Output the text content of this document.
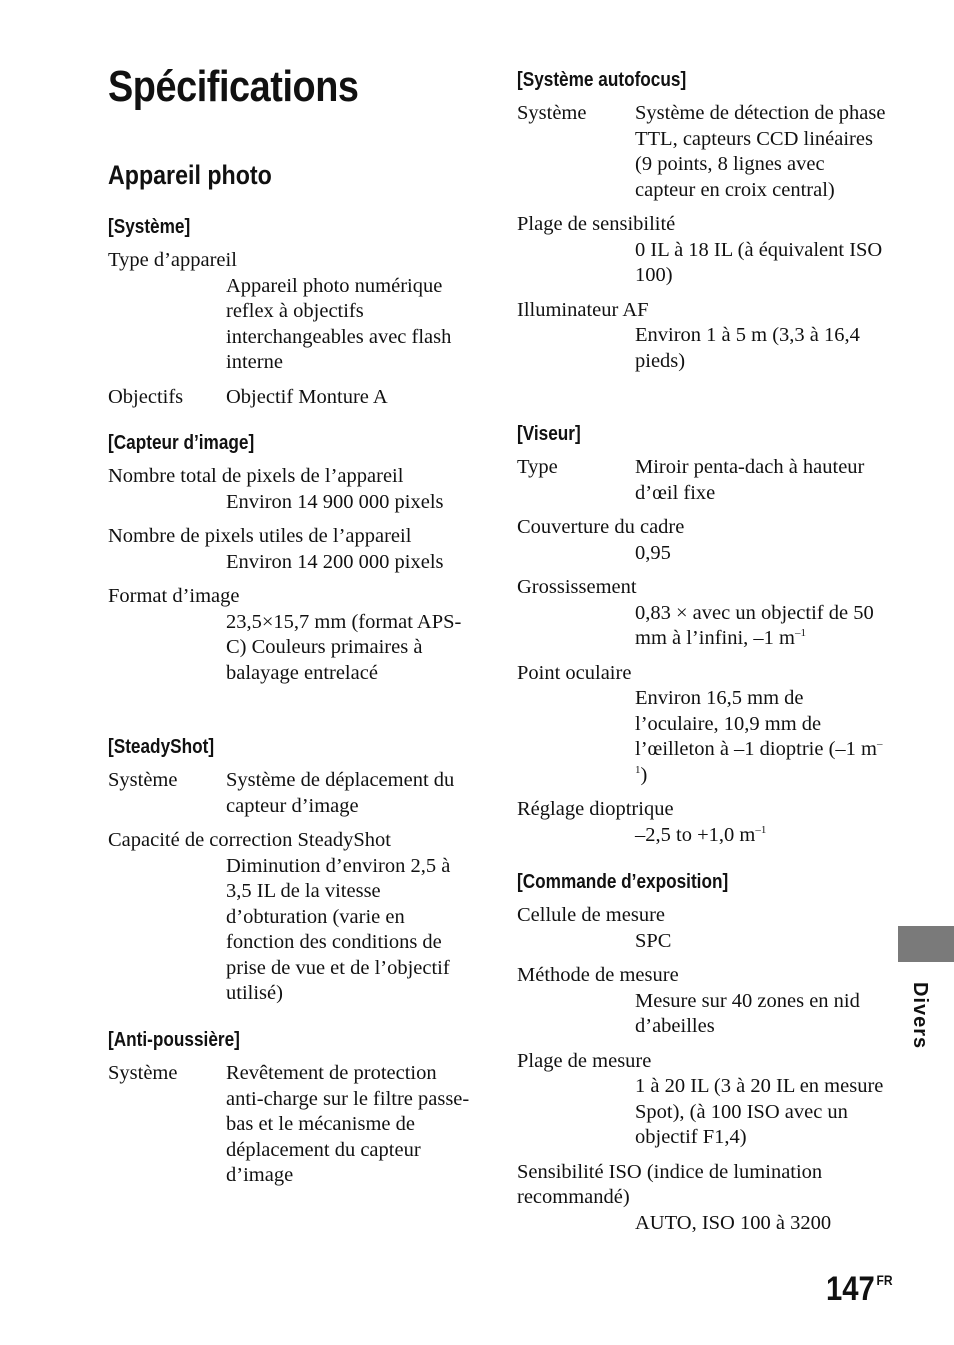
Spécifications
Appareil photo
[Système]
Type d’appareil
Appareil photo numérique reflex à objectifs interchangeables avec flash interne
Objectifs	Objectif Monture A
[Capteur d’image]
Nombre total de pixels de l’appareil
Environ 14 900 000 pixels
Nombre de pixels utiles de l’appareil
Environ 14 200 000 pixels
Format d’image
23,5×15,7 mm (format APS-C) Couleurs primaires à balayage entrelacé
[SteadyShot]
Système	Système de déplacement du capteur d’image
Capacité de correction SteadyShot
Diminution d’environ 2,5 à 3,5 IL de la vitesse d’obturation (varie en fonction des conditions de prise de vue et de l’objectif utilisé)
[Anti-poussière]
Système	Revêtement de protection anti-charge sur le filtre passe-bas et le mécanisme de déplacement du capteur d’image
[Système autofocus]
Système	Système de détection de phase TTL, capteurs CCD linéaires (9 points, 8 lignes avec capteur en croix central)
Plage de sensibilité
0 IL à 18 IL (à équivalent ISO 100)
Illuminateur AF
Environ 1 à 5 m (3,3 à 16,4 pieds)
[Viseur]
Type	Miroir penta-dach à hauteur d’œil fixe
Couverture du cadre
0,95
Grossissement
0,83 × avec un objectif de 50 mm à l’infini, –1 $m^{-1}$
Point oculaire
Environ 16,5 mm de l’oculaire, 10,9 mm de l’œilleton à –1 dioptrie (–1 $m^{-1}$)
Réglage dioptrique
–2,5 to +1,0 $m^{-1}$
[Commande d’exposition]
Cellule de mesure
SPC
Méthode de mesure
Mesure sur 40 zones en nid d’abeilles
Plage de mesure
1 à 20 IL (3 à 20 IL en mesure Spot), (à 100 ISO avec un objectif F1,4)
Sensibilité ISO (indice de lumination recommandé)
AUTO, ISO 100 à 3200
Divers
147 $^{FR}$
